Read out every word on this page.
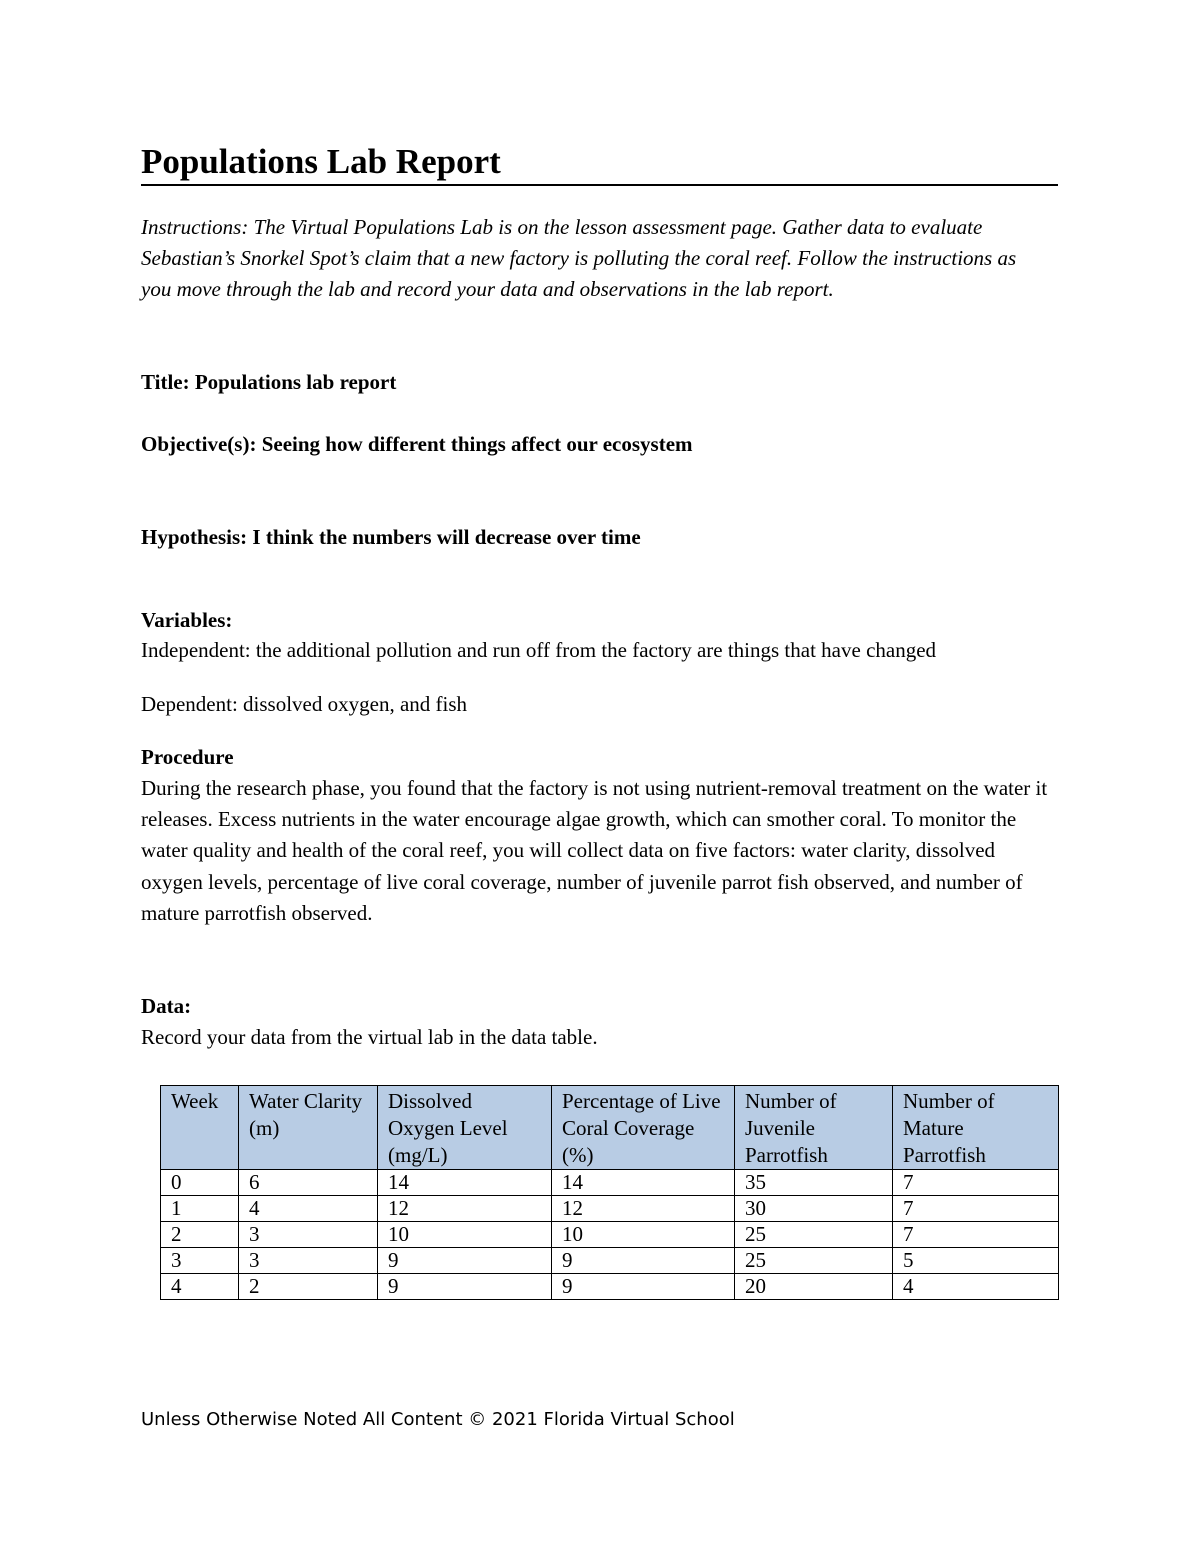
Populations Lab Report

Instructions: The Virtual Populations Lab is on the lesson assessment page. Gather data to evaluate Sebastian’s Snorkel Spot’s claim that a new factory is polluting the coral reef. Follow the instructions as you move through the lab and record your data and observations in the lab report.

Title: Populations lab report

Objective(s): Seeing how different things affect our ecosystem

Hypothesis: I think the numbers will decrease over time

Variables:

Independent: the additional pollution and run off from the factory are things that have changed

Dependent: dissolved oxygen, and fish

Procedure

During the research phase, you found that the factory is not using nutrient-removal treatment on the water it releases. Excess nutrients in the water encourage algae growth, which can smother coral. To monitor the water quality and health of the coral reef, you will collect data on five factors: water clarity, dissolved oxygen levels, percentage of live coral coverage, number of juvenile parrot fish observed, and number of mature parrotfish observed.

Data:

Record your data from the virtual lab in the data table.

Week	Water Clarity (m)	Dissolved Oxygen Level (mg/L)	Percentage of Live Coral Coverage (%)	Number of Juvenile Parrotfish	Number of Mature Parrotfish
0	6	14	14	35	7
1	4	12	12	30	7
2	3	10	10	25	7
3	3	9	9	25	5
4	2	9	9	20	4

Unless Otherwise Noted All Content © 2021 Florida Virtual School
